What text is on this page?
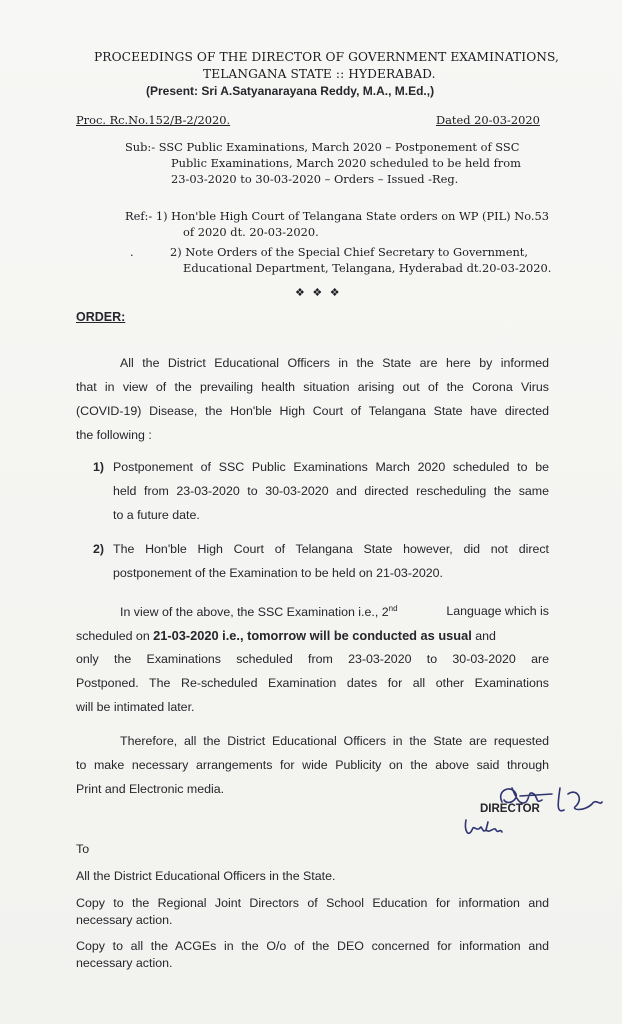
PROCEEDINGS OF THE DIRECTOR OF GOVERNMENT EXAMINATIONS,
TELANGANA STATE :: HYDERABAD.
(Present: Sri A.Satyanarayana Reddy, M.A., M.Ed.,)
Proc. Rc.No.152/B-2/2020.	Dated 20-03-2020
Sub:- SSC Public Examinations, March 2020 – Postponement of SSC
Public Examinations, March 2020 scheduled to be held from
23-03-2020 to 30-03-2020 – Orders – Issued -Reg.
Ref:- 1) Hon'ble High Court of Telangana State orders on WP (PIL) No.53
of 2020 dt. 20-03-2020.
.	2) Note Orders of the Special Chief Secretary to Government,
Educational Department, Telangana, Hyderabad dt.20-03-2020.
❖ ❖ ❖
ORDER:
All the District Educational Officers in the State are here by informed
that in view of the prevailing health situation arising out of the Corona Virus
(COVID-19) Disease, the Hon'ble High Court of Telangana State have directed
the following :
1) Postponement of SSC Public Examinations March 2020 scheduled to be
held from 23-03-2020 to 30-03-2020 and directed rescheduling the same
to a future date.
2) The Hon'ble High Court of Telangana State however, did not direct
postponement of the Examination to be held on 21-03-2020.
In view of the above, the SSC Examination i.e., 2nd	Language which is
scheduled on 21-03-2020 i.e., tomorrow will be conducted as usual and
only the Examinations scheduled from 23-03-2020 to 30-03-2020 are
Postponed. The Re-scheduled Examination dates for all other Examinations
will be intimated later.
Therefore, all the District Educational Officers in the State are requested
to make necessary arrangements for wide Publicity on the above said through
Print and Electronic media.
DIRECTOR
To
All the District Educational Officers in the State.
Copy to the Regional Joint Directors of School Education for information and
necessary action.
Copy to all the ACGEs in the O/o of the DEO concerned for information and
necessary action.
